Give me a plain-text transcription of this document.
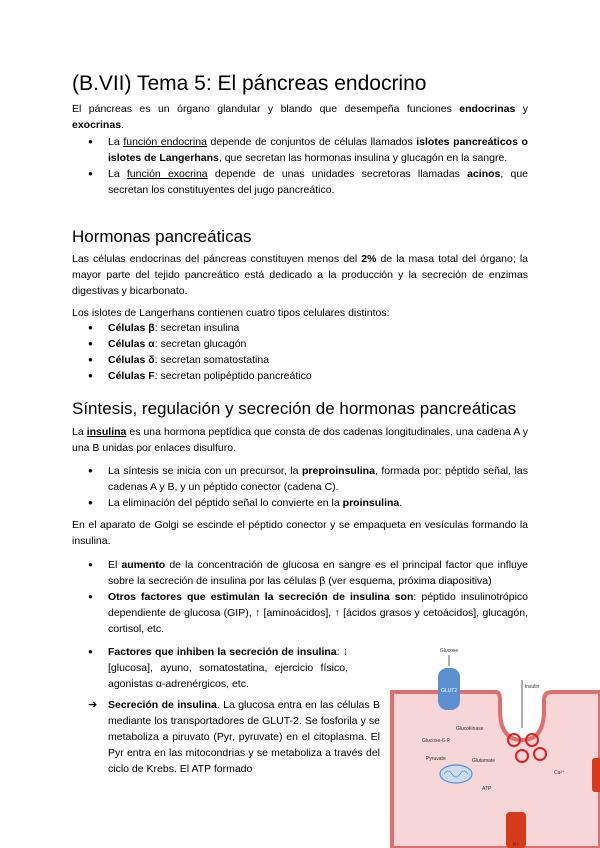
(B.VII) Tema 5: El páncreas endocrino

El páncreas es un órgano glandular y blando que desempeña funciones endocrinas y exocrinas.

● La función endocrina depende de conjuntos de células llamados islotes pancreáticos o islotes de Langerhans, que secretan las hormonas insulina y glucagón en la sangre.
● La función exocrina depende de unas unidades secretoras llamadas acinos, que secretan los constituyentes del jugo pancreático.
Hormonas pancreáticas

Las células endocrinas del páncreas constituyen menos del 2% de la masa total del órgano; la mayor parte del tejido pancreático está dedicado a la producción y la secreción de enzimas digestivas y bicarbonato.

Los islotes de Langerhans contienen cuatro tipos celulares distintos:

● Células β: secretan insulina
● Células α: secretan glucagón
● Células δ: secretan somatostatina
● Células F: secretan polipéptido pancreático
Síntesis, regulación y secreción de hormonas pancreáticas

La insulina es una hormona peptídica que consta de dos cadenas longitudinales, una cadena A y una B unidas por enlaces disulfuro.

● La síntesis se inicia con un precursor, la preproinsulina, formada por: péptido señal, las cadenas A y B, y un péptido conector (cadena C).
● La eliminación del péptido señal lo convierte en la proinsulina.

En el aparato de Golgi se escinde el péptido conector y se empaqueta en vesículas formando la insulina.

● El aumento de la concentración de glucosa en sangre es el principal factor que influye sobre la secreción de insulina por las células β (ver esquema, próxima diapositiva)
● Otros factores que estimulan la secreción de insulina son: péptido insulinotrópico dependiente de glucosa (GIP), ↑ [aminoácidos], ↑ [ácidos grasos y cetoácidos], glucagón, cortisol, etc.
● Factores que inhiben la secreción de insulina: ↓ [glucosa], ayuno, somatostatina, ejercicio físico, agonistas α-adrenérgicos, etc.
➔ Secreción de insulina. La glucosa entra en las células B mediante los transportadores de GLUT-2. Se fosforila y se metaboliza a piruvato (Pyr, pyruvate) en el citoplasma. El Pyr entra en las mitocondrias y se metaboliza a través del ciclo de Krebs. El ATP formado
GLUT2
Glucose
Insulin
Glucokinase
Glucose-6-P
Pyruvate	Glutamate
ATP
Ca²⁺
K⁺
